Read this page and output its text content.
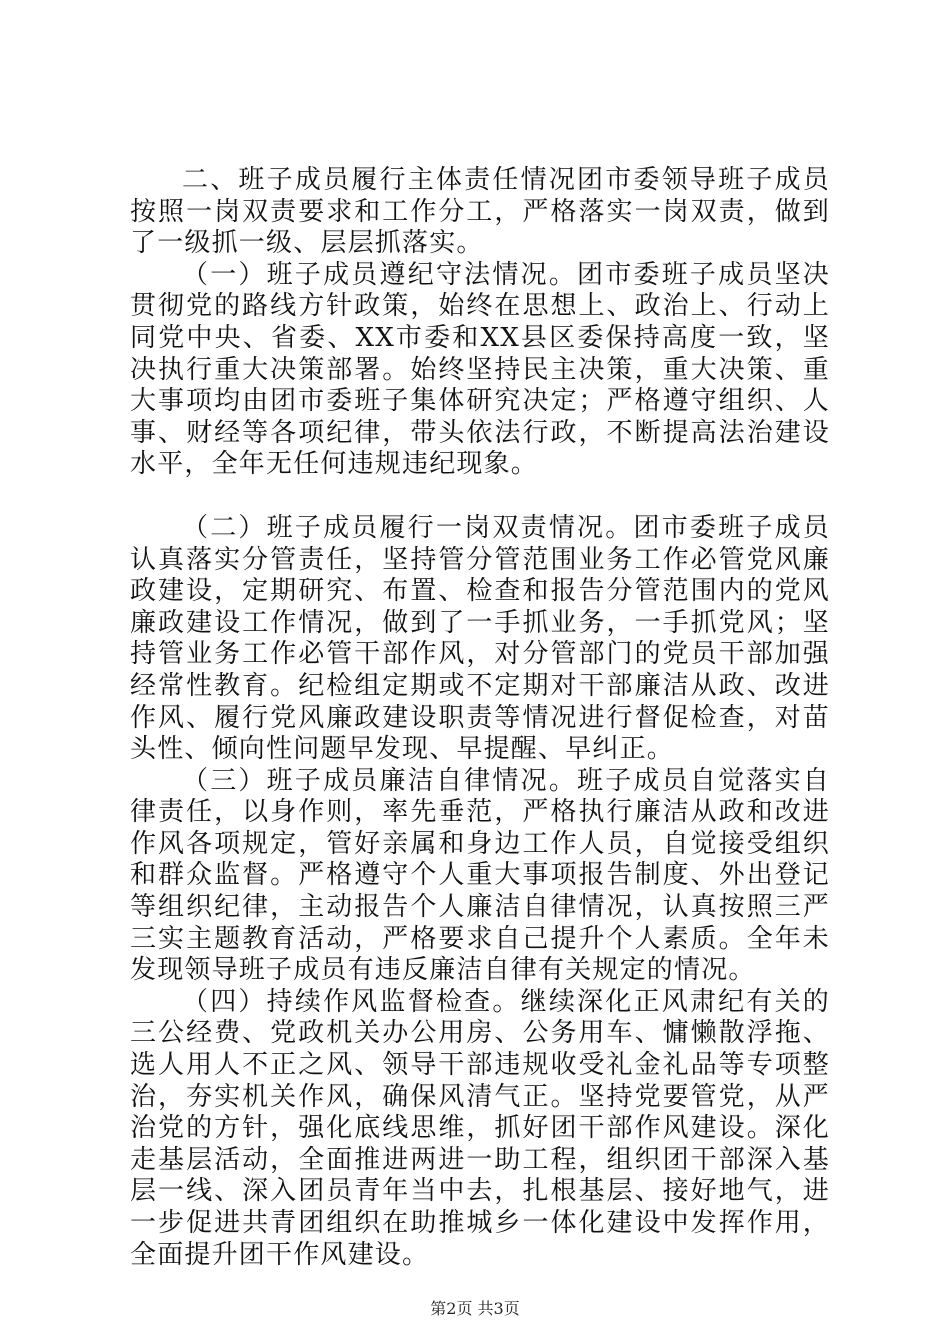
二、班子成员履行主体责任情况团市委领导班子成员按照一岗双责要求和工作分工，严格落实一岗双责，做到了一级抓一级、层层抓落实。

（一）班子成员遵纪守法情况。团市委班子成员坚决贯彻党的路线方针政策，始终在思想上、政治上、行动上同党中央、省委、XX市委和XX县区委保持高度一致，坚决执行重大决策部署。始终坚持民主决策，重大决策、重大事项均由团市委班子集体研究决定；严格遵守组织、人事、财经等各项纪律，带头依法行政，不断提高法治建设水平，全年无任何违规违纪现象。

（二）班子成员履行一岗双责情况。团市委班子成员认真落实分管责任，坚持管分管范围业务工作必管党风廉政建设，定期研究、布置、检查和报告分管范围内的党风廉政建设工作情况，做到了一手抓业务，一手抓党风；坚持管业务工作必管干部作风，对分管部门的党员干部加强经常性教育。纪检组定期或不定期对干部廉洁从政、改进作风、履行党风廉政建设职责等情况进行督促检查，对苗头性、倾向性问题早发现、早提醒、早纠正。

（三）班子成员廉洁自律情况。班子成员自觉落实自律责任，以身作则，率先垂范，严格执行廉洁从政和改进作风各项规定，管好亲属和身边工作人员，自觉接受组织和群众监督。严格遵守个人重大事项报告制度、外出登记等组织纪律，主动报告个人廉洁自律情况，认真按照三严三实主题教育活动，严格要求自己提升个人素质。全年未发现领导班子成员有违反廉洁自律有关规定的情况。

（四）持续作风监督检查。继续深化正风肃纪有关的三公经费、党政机关办公用房、公务用车、慵懒散浮拖、选人用人不正之风、领导干部违规收受礼金礼品等专项整治，夯实机关作风，确保风清气正。坚持党要管党，从严治党的方针，强化底线思维，抓好团干部作风建设。深化走基层活动，全面推进两进一助工程，组织团干部深入基层一线、深入团员青年当中去，扎根基层、接好地气，进一步促进共青团组织在助推城乡一体化建设中发挥作用，全面提升团干作风建设。

第2页 共3页
